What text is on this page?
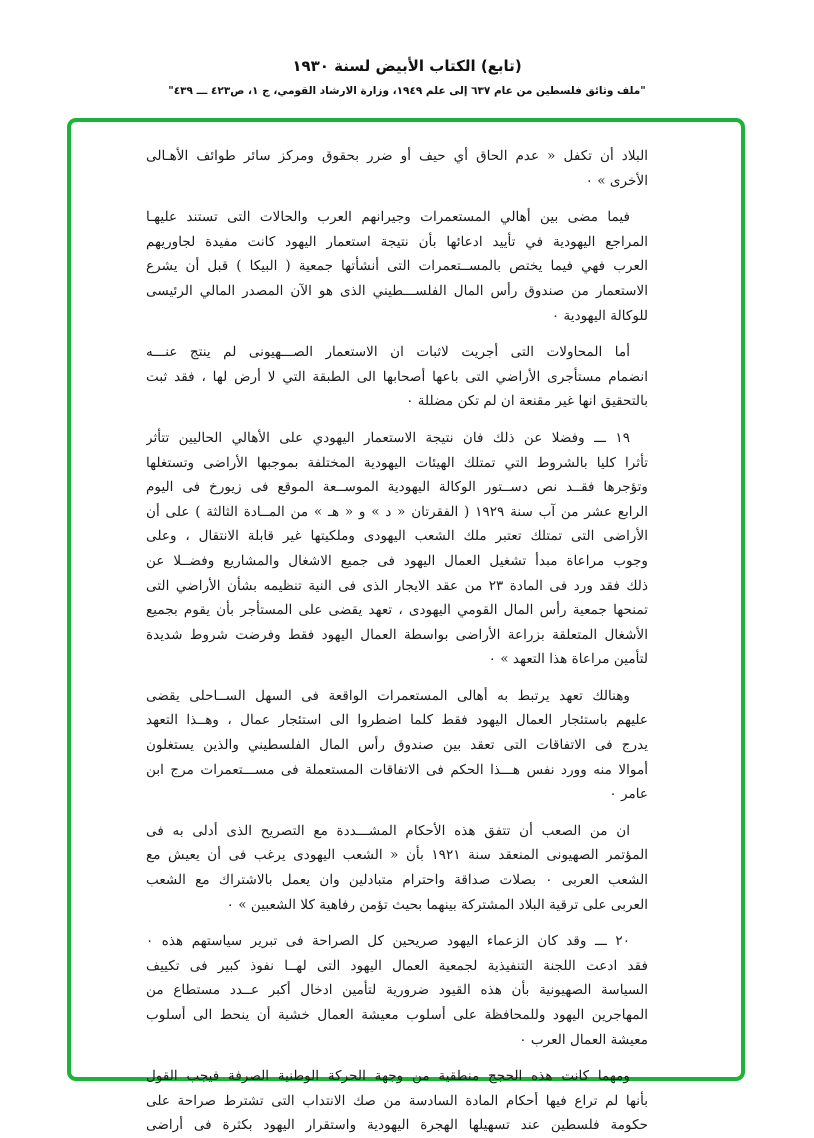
(تابع) الكتاب الأبيض لسنة ١٩٣٠
"ملف وثائق فلسطين من عام ٦٣٧ إلى علم ١٩٤٩، وزارة الارشاد القومي، ج ١، ص٤٢٣ ـــ ٤٣٩"
البلاد أن تكفل « عدم الحاق أي حيف أو ضرر بحقوق ومركز سائر طوائف الأهـالى
الأخرى » ٠
فيما مضى بين أهالي المستعمرات وجيرانهم العرب والحالات التى تستند عليهـا
المراجع اليهودية في تأييد ادعائها بأن نتيجة استعمار اليهود كانت مفيدة لجاوريهم
العرب فهي فيما يختص بالمســتعمرات التى أنشأتها جمعية ( البيكا ) قبل أن يشرع
الاستعمار من صندوق رأس المال الفلســـطيني الذى هو الآن المصدر المالي الرئيسى
للوكالة اليهودية ٠
أما المحاولات التى أجريت لاثبات ان الاستعمار الصـــهيونى لم ينتج عنـــه
انضمام مستأجرى الأراضي التى باعها أصحابها الى الطبقة التي لا أرض لها ، فقد ثبت
بالتحقيق انها غير مقنعة ان لم تكن مضللة ٠
١٩ ـــ وفضلا عن ذلك فان نتيجة الاستعمار اليهودي على الأهالي الحاليين تتأثر
تأثرا كليا بالشروط التي تمتلك الهيئات اليهودية المختلفة بموجبها الأراضى وتستغلها
وتؤجرها فقــد نص دســتور الوكالة اليهودية الموســعة الموقع فى زيورخ فى اليوم
الرابع عشر من آب سنة ١٩٢٩ ( الفقرتان « د » و « هـ » من المــادة الثالثة ) على أن
الأراضى التى تمتلك تعتبر ملك الشعب اليهودى وملكيتها غير قابلة الانتقال ، وعلى
وجوب مراعاة مبدأ تشغيل العمال اليهود فى جميع الاشغال والمشاريع وفضــلا عن
ذلك فقد ورد فى المادة ٢٣ من عقد الايجار الذى فى النية تنظيمه بشأن الأراضي التى
تمنحها جمعية رأس المال القومي اليهودى ، تعهد يقضى على المستأجر بأن يقوم بجميع
الأشغال المتعلقة بزراعة الأراضى بواسطة العمال اليهود فقط وفرضت شروط شديدة
لتأمين مراعاة هذا التعهد » ٠
وهنالك تعهد يرتبط به أهالى المستعمرات الواقعة فى السهل الســاحلى يقضى
عليهم باستئجار العمال اليهود فقط كلما اضطروا الى استئجار عمال ، وهــذا التعهد
يدرج فى الاتفاقات التى تعقد بين صندوق رأس المال الفلسطيني والذين يستغلون
أموالا منه وورد نفس هـــذا الحكم فى الاتفاقات المستعملة فى مســـتعمرات مرج ابن
عامر ٠
ان من الصعب أن تتفق هذه الأحكام المشـــددة مع التصريح الذى أدلى به فى
المؤتمر الصهيونى المنعقد سنة ١٩٢١ بأن « الشعب اليهودى يرغب فى أن يعيش مع
الشعب العربى ٠ بصلات صداقة واحترام متبادلين وان يعمل بالاشتراك مع الشعب
العربى على ترقية البلاد المشتركة بينهما بحيث تؤمن رفاهية كلا الشعبين » ٠
٢٠ ـــ وقد كان الزعماء اليهود صريحين كل الصراحة فى تبرير سياستهم هذه ٠
فقد ادعت اللجنة التنفيذية لجمعية العمال اليهود التى لهــا نفوذ كبير فى تكييف
السياسة الصهيونية بأن هذه القيود ضرورية لتأمين ادخال أكبر عــدد مستطاع من
المهاجرين اليهود وللمحافظة على أسلوب معيشة العمال خشية أن ينحط الى أسلوب
معيشة العمال العرب ٠
ومهما كانت هذه الحجج منطقية من وجهة الحركة الوطنية الصرفة فيجب القول
بأنها لم تراع فيها أحكام المادة السادسة من صك الانتداب التى تشترط صراحة على
حكومة فلسطين عند تسهيلها الهجرة اليهودية واستقرار اليهود بكثرة فى أراضى
